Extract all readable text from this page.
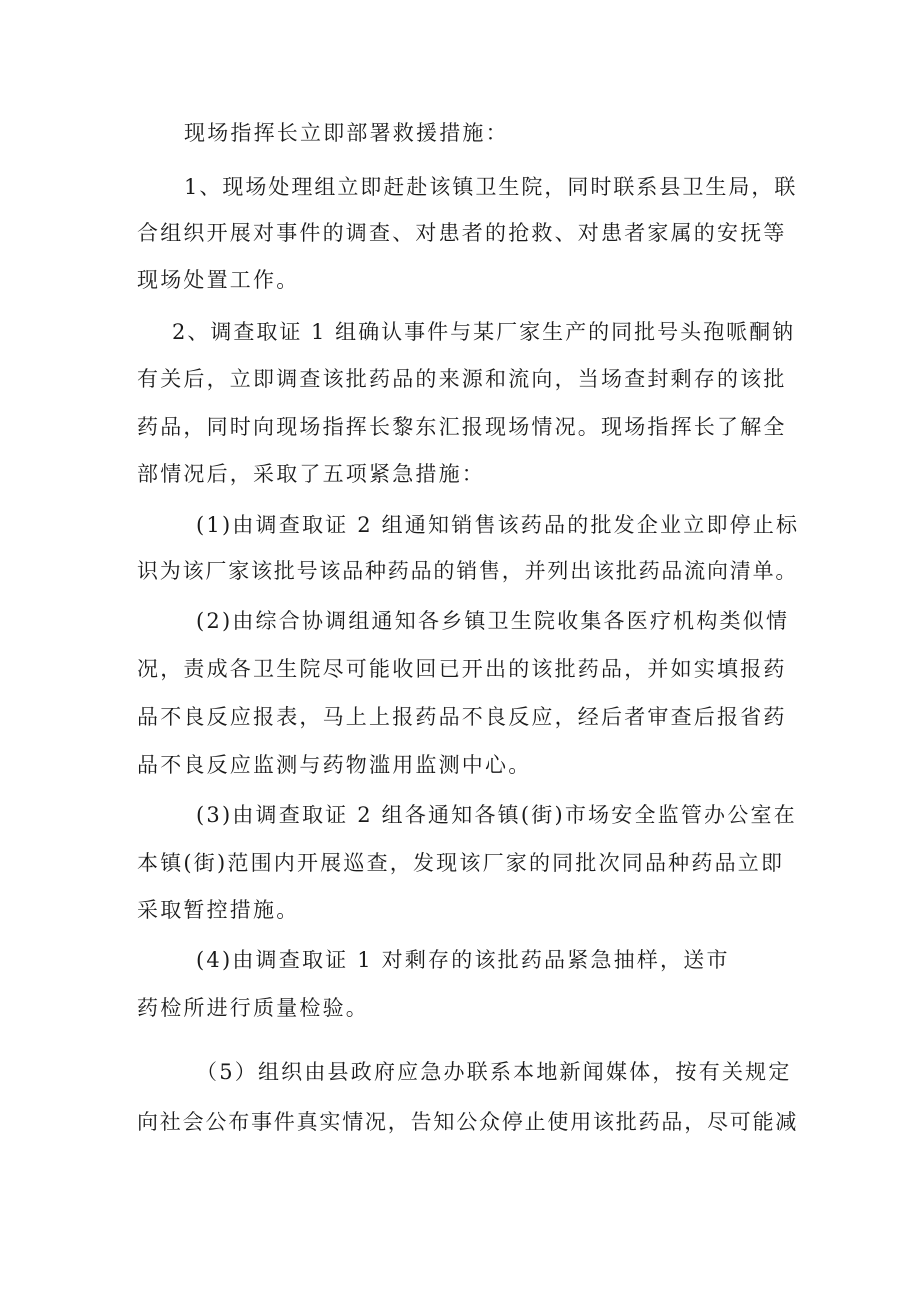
现场指挥长立即部署救援措施：
1、现场处理组立即赶赴该镇卫生院，同时联系县卫生局，联
合组织开展对事件的调查、对患者的抢救、对患者家属的安抚等
现场处置工作。
2、调查取证 1 组确认事件与某厂家生产的同批号头孢哌酮钠
有关后，立即调查该批药品的来源和流向，当场查封剩存的该批
药品，同时向现场指挥长黎东汇报现场情况。现场指挥长了解全
部情况后，采取了五项紧急措施：
(1)由调查取证 2 组通知销售该药品的批发企业立即停止标
识为该厂家该批号该品种药品的销售，并列出该批药品流向清单。
(2)由综合协调组通知各乡镇卫生院收集各医疗机构类似情
况，责成各卫生院尽可能收回已开出的该批药品，并如实填报药
品不良反应报表，马上上报药品不良反应，经后者审查后报省药
品不良反应监测与药物滥用监测中心。
(3)由调查取证 2 组各通知各镇(街)市场安全监管办公室在
本镇(街)范围内开展巡查，发现该厂家的同批次同品种药品立即
采取暂控措施。
(4)由调查取证 1 对剩存的该批药品紧急抽样，送市
药检所进行质量检验。
（5）组织由县政府应急办联系本地新闻媒体，按有关规定
向社会公布事件真实情况，告知公众停止使用该批药品，尽可能减
